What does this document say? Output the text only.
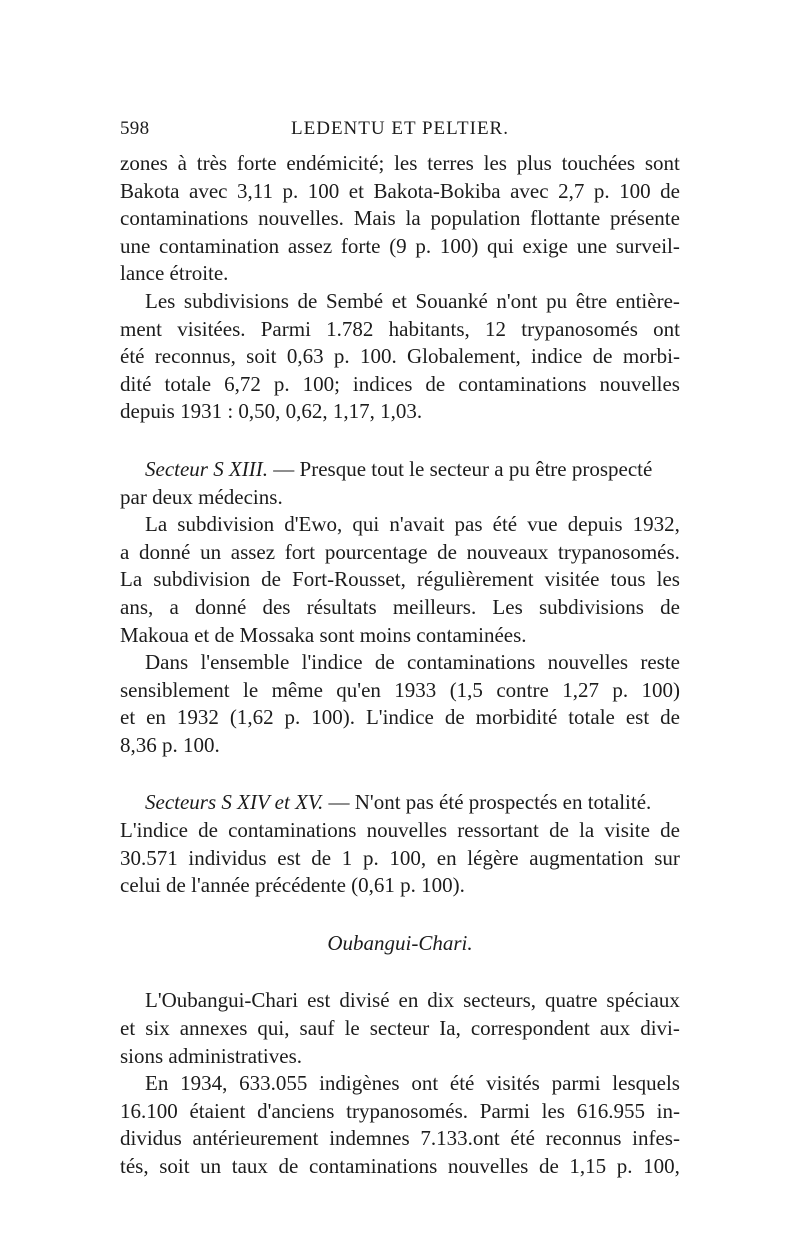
598	LEDENTU ET PELTIER.
zones à très forte endémicité; les terres les plus touchées sont
Bakota avec 3,11 p. 100 et Bakota-Bokiba avec 2,7 p. 100 de
contaminations nouvelles. Mais la population flottante présente
une contamination assez forte (9 p. 100) qui exige une surveil-
lance étroite.
Les subdivisions de Sembé et Souanké n'ont pu être entière-
ment visitées. Parmi 1.782 habitants, 12 trypanosomés ont
été reconnus, soit 0,63 p. 100. Globalement, indice de morbi-
dité totale 6,72 p. 100; indices de contaminations nouvelles
depuis 1931 : 0,50, 0,62, 1,17, 1,03.
Secteur S XIII. — Presque tout le secteur a pu être prospecté
par deux médecins.
La subdivision d'Ewo, qui n'avait pas été vue depuis 1932,
a donné un assez fort pourcentage de nouveaux trypanosomés.
La subdivision de Fort-Rousset, régulièrement visitée tous les
ans, a donné des résultats meilleurs. Les subdivisions de
Makoua et de Mossaka sont moins contaminées.
Dans l'ensemble l'indice de contaminations nouvelles reste
sensiblement le même qu'en 1933 (1,5 contre 1,27 p. 100)
et en 1932 (1,62 p. 100). L'indice de morbidité totale est de
8,36 p. 100.
Secteurs S XIV et XV. — N'ont pas été prospectés en totalité.
L'indice de contaminations nouvelles ressortant de la visite de
30.571 individus est de 1 p. 100, en légère augmentation sur
celui de l'année précédente (0,61 p. 100).
Oubangui-Chari.
L'Oubangui-Chari est divisé en dix secteurs, quatre spéciaux
et six annexes qui, sauf le secteur Ia, correspondent aux divi-
sions administratives.
En 1934, 633.055 indigènes ont été visités parmi lesquels
16.100 étaient d'anciens trypanosomés. Parmi les 616.955 in-
dividus antérieurement indemnes 7.133.ont été reconnus infes-
tés, soit un taux de contaminations nouvelles de 1,15 p. 100,
